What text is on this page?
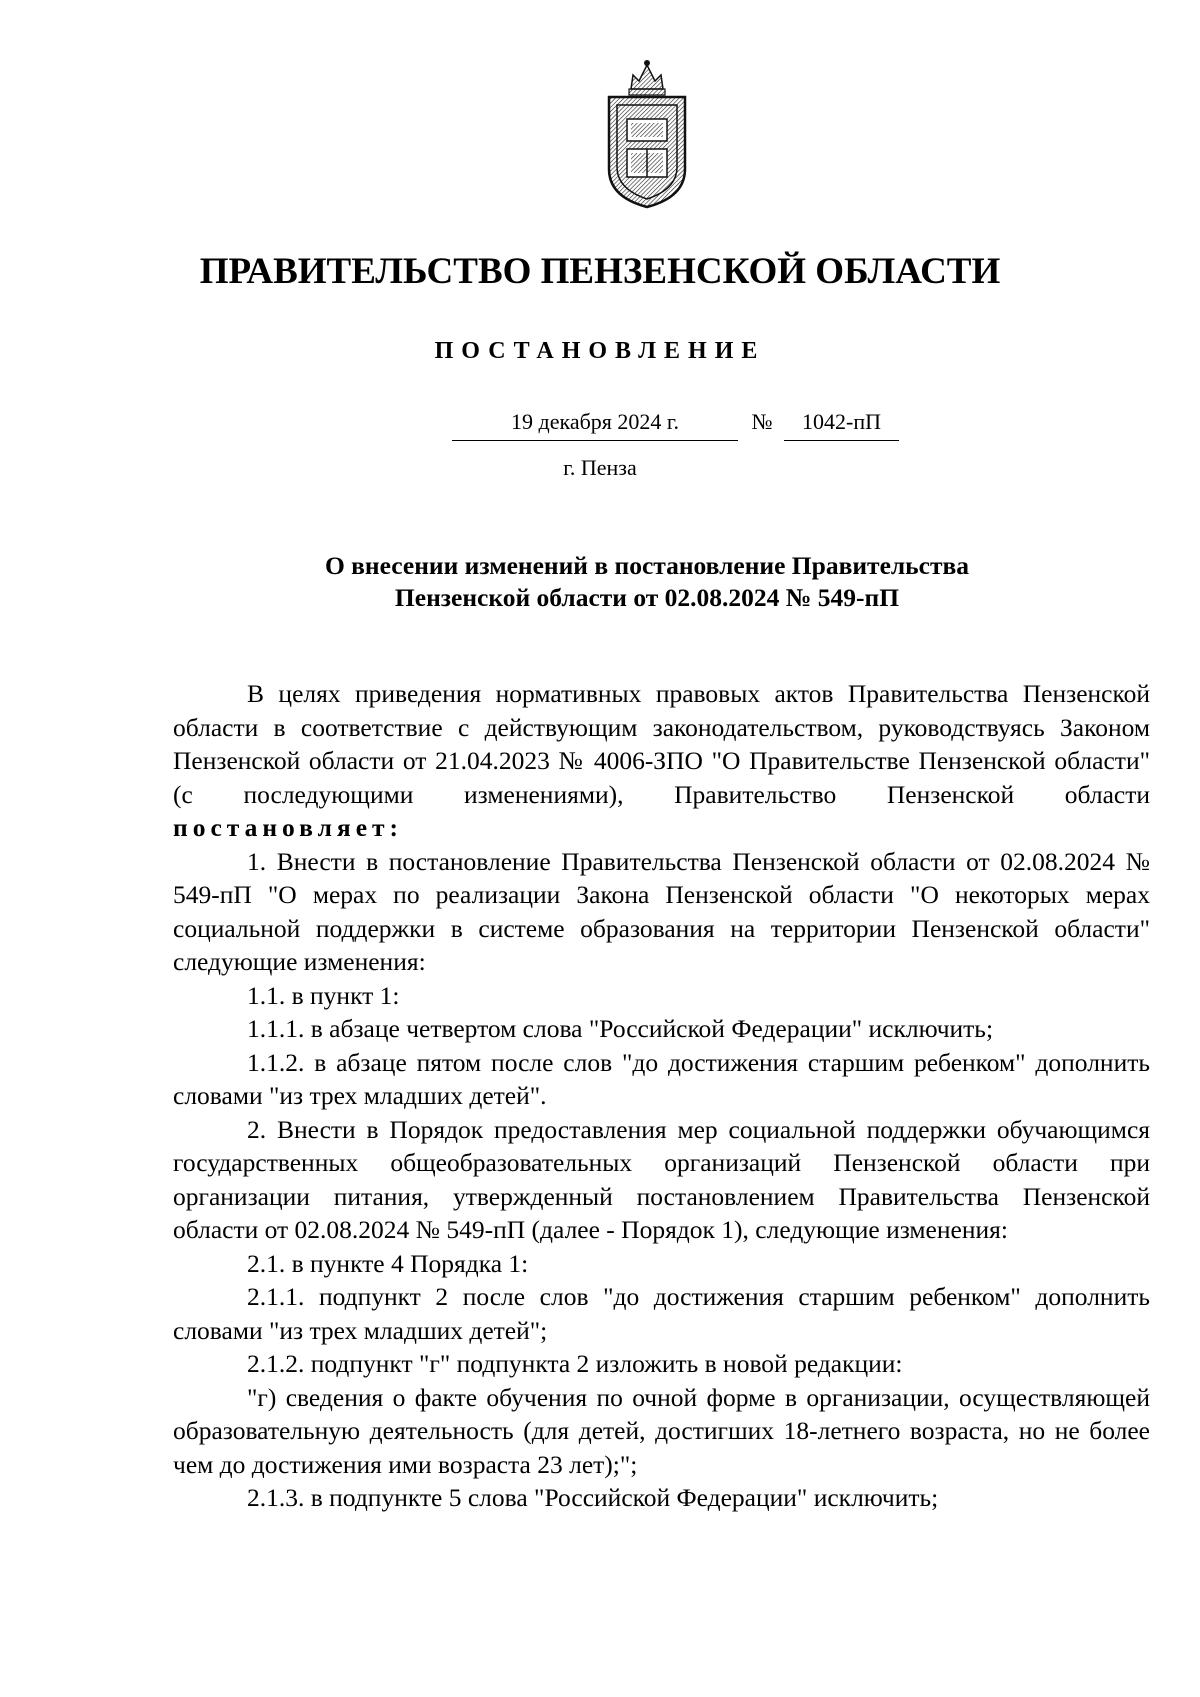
ПРАВИТЕЛЬСТВО ПЕНЗЕНСКОЙ ОБЛАСТИ
ПОСТАНОВЛЕНИЕ
19 декабря 2024 г.	№	1042-пП
г. Пенза
О внесении изменений в постановление Правительства
Пензенской области от 02.08.2024 № 549-пП

В целях приведения нормативных правовых актов Правительства Пензенской области в соответствие с действующим законодательством, руководствуясь Законом Пензенской области от 21.04.2023 № 4006-ЗПО "О Правительстве Пензенской области" (с последующими изменениями), Правительство Пензенской области постановляет:

1. Внести в постановление Правительства Пензенской области от 02.08.2024 № 549-пП "О мерах по реализации Закона Пензенской области "О некоторых мерах социальной поддержки в системе образования на территории Пензенской области" следующие изменения:

1.1. в пункт 1:

1.1.1. в абзаце четвертом слова "Российской Федерации" исключить;

1.1.2. в абзаце пятом после слов "до достижения старшим ребенком" дополнить словами "из трех младших детей".

2. Внести в Порядок предоставления мер социальной поддержки обучающимся государственных общеобразовательных организаций Пензенской области при организации питания, утвержденный постановлением Правительства Пензенской области от 02.08.2024 № 549-пП (далее - Порядок 1), следующие изменения:

2.1. в пункте 4 Порядка 1:

2.1.1. подпункт 2 после слов "до достижения старшим ребенком" дополнить словами "из трех младших детей";

2.1.2. подпункт "г" подпункта 2 изложить в новой редакции:

"г) сведения о факте обучения по очной форме в организации, осуществляющей образовательную деятельность (для детей, достигших 18-летнего возраста, но не более чем до достижения ими возраста 23 лет);";

2.1.3. в подпункте 5 слова "Российской Федерации" исключить;
